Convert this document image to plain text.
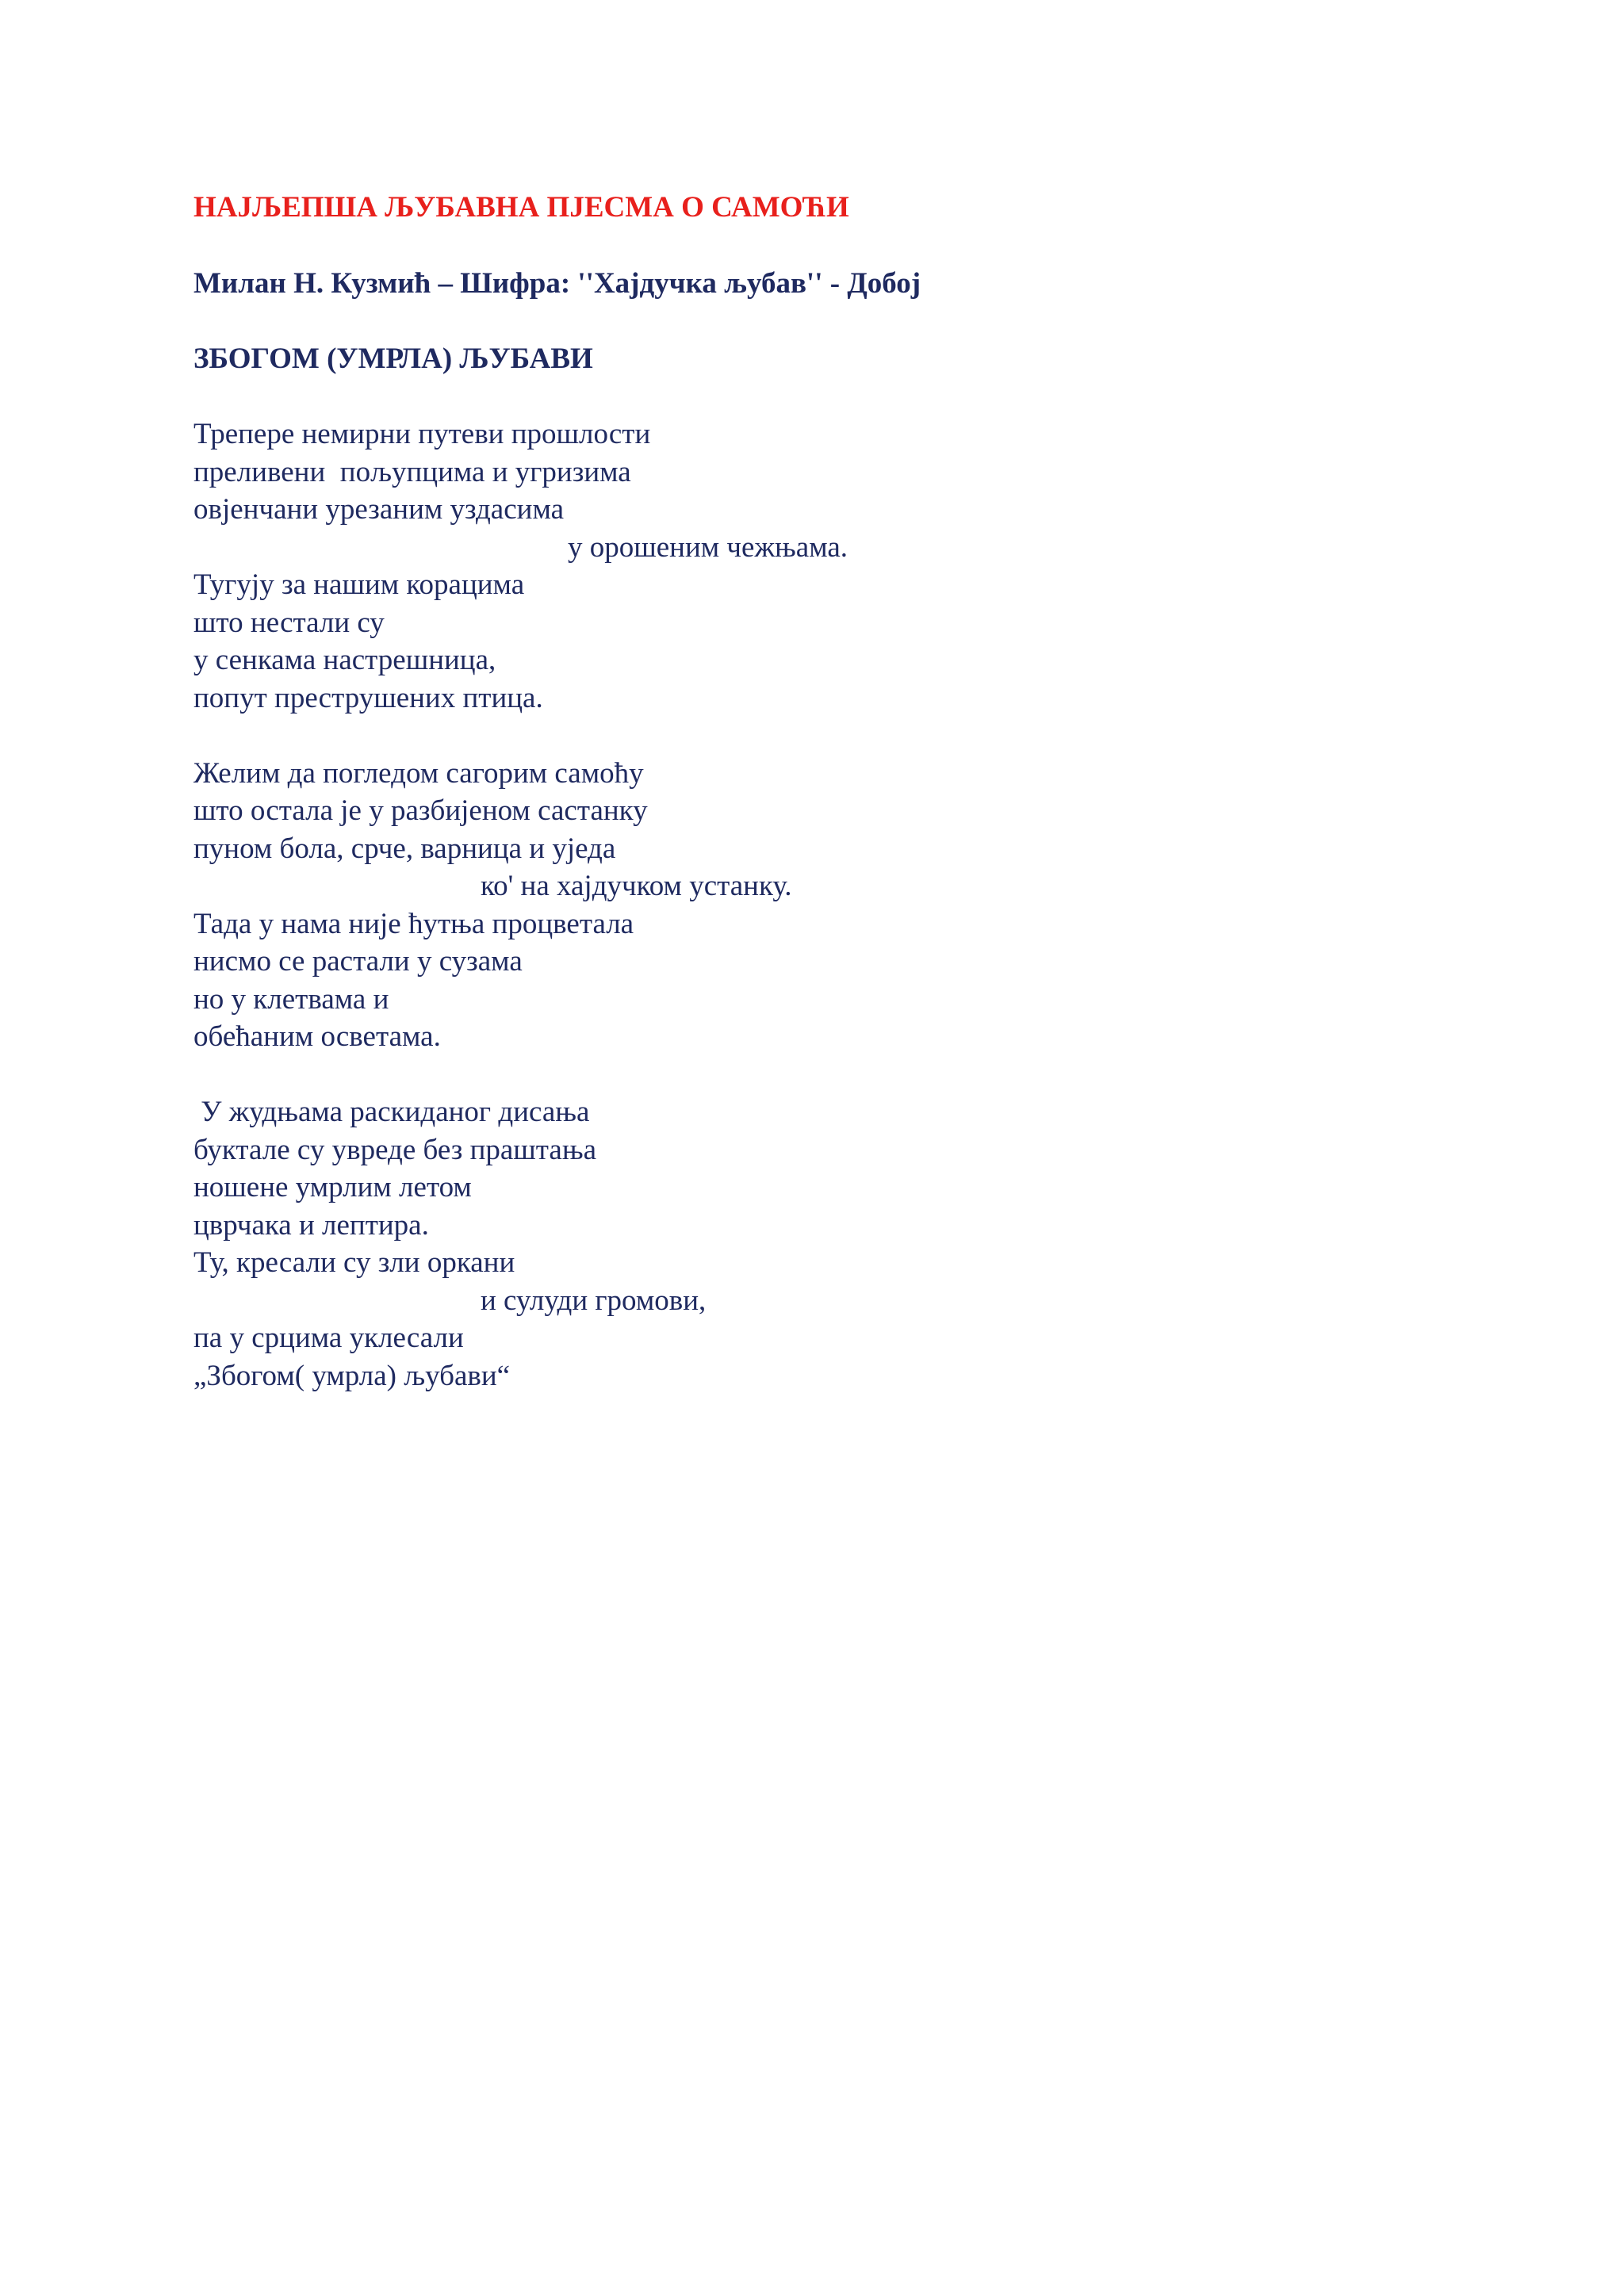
НАЈЉЕПША ЉУБАВНА ПЈЕСМА О САМОЋИ

Милан Н. Кузмић – Шифра: ''Хајдучка љубав'' - Добој

ЗБОГОМ (УМРЛА) ЉУБАВИ

Трепере немирни путеви прошлости
преливени  пољупцима и угризима
овјенчани урезаним уздасима
у орошеним чежњама.
Тугују за нашим корацима
што нестали су
у сенкама настрешница,
попут преструшених птица.
Желим да погледом сагорим самоћу
што остала је у разбијеном састанку
пуном бола, срче, варница и уједа
ко' на хајдучком устанку.
Тада у нама није ћутња процветала
нисмо се растали у сузама
но у клетвама и
обећаним осветама.
У жудњама раскиданог дисања
буктале су увреде без праштања
ношене умрлим летом
цврчака и лептира.
Ту, кресали су зли оркани
и сулуди громови,
па у срцима уклесали
„Збогом( умрла) љубави“
